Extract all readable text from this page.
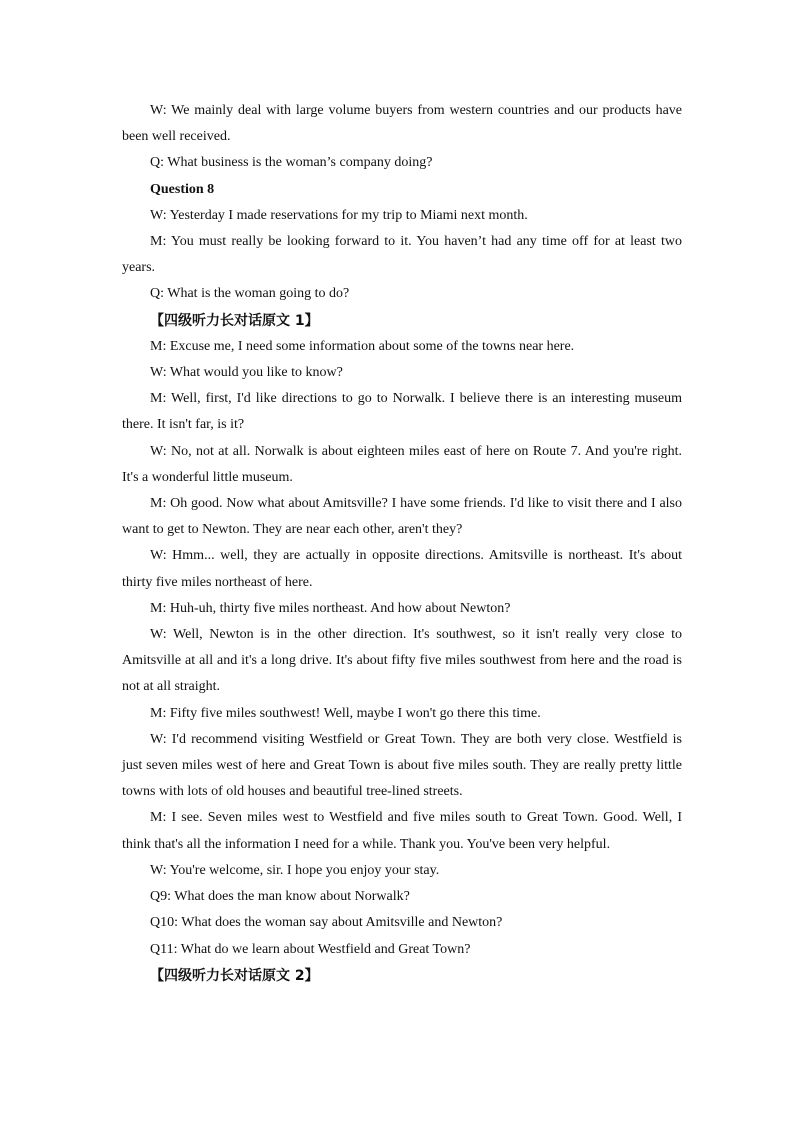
W: We mainly deal with large volume buyers from western countries and our products have been well received.

Q: What business is the woman’s company doing?

Question 8

W: Yesterday I made reservations for my trip to Miami next month.

M: You must really be looking forward to it. You haven’t had any time off for at least two years.

Q: What is the woman going to do?

【四级听力长对话原文 1】

M: Excuse me, I need some information about some of the towns near here.

W: What would you like to know?

M: Well, first, I'd like directions to go to Norwalk. I believe there is an interesting museum there. It isn't far, is it?

W: No, not at all. Norwalk is about eighteen miles east of here on Route 7. And you're right. It's a wonderful little museum.

M: Oh good. Now what about Amitsville? I have some friends. I'd like to visit there and I also want to get to Newton. They are near each other, aren't they?

W: Hmm... well, they are actually in opposite directions. Amitsville is northeast. It's about thirty five miles northeast of here.

M: Huh-uh, thirty five miles northeast. And how about Newton?

W: Well, Newton is in the other direction. It's southwest, so it isn't really very close to Amitsville at all and it's a long drive. It's about fifty five miles southwest from here and the road is not at all straight.

M: Fifty five miles southwest! Well, maybe I won't go there this time.

W: I'd recommend visiting Westfield or Great Town. They are both very close. Westfield is just seven miles west of here and Great Town is about five miles south. They are really pretty little towns with lots of old houses and beautiful tree-lined streets.

M: I see. Seven miles west to Westfield and five miles south to Great Town. Good. Well, I think that's all the information I need for a while. Thank you. You've been very helpful.

W: You're welcome, sir. I hope you enjoy your stay.

Q9: What does the man know about Norwalk?

Q10: What does the woman say about Amitsville and Newton?

Q11: What do we learn about Westfield and Great Town?

【四级听力长对话原文 2】
